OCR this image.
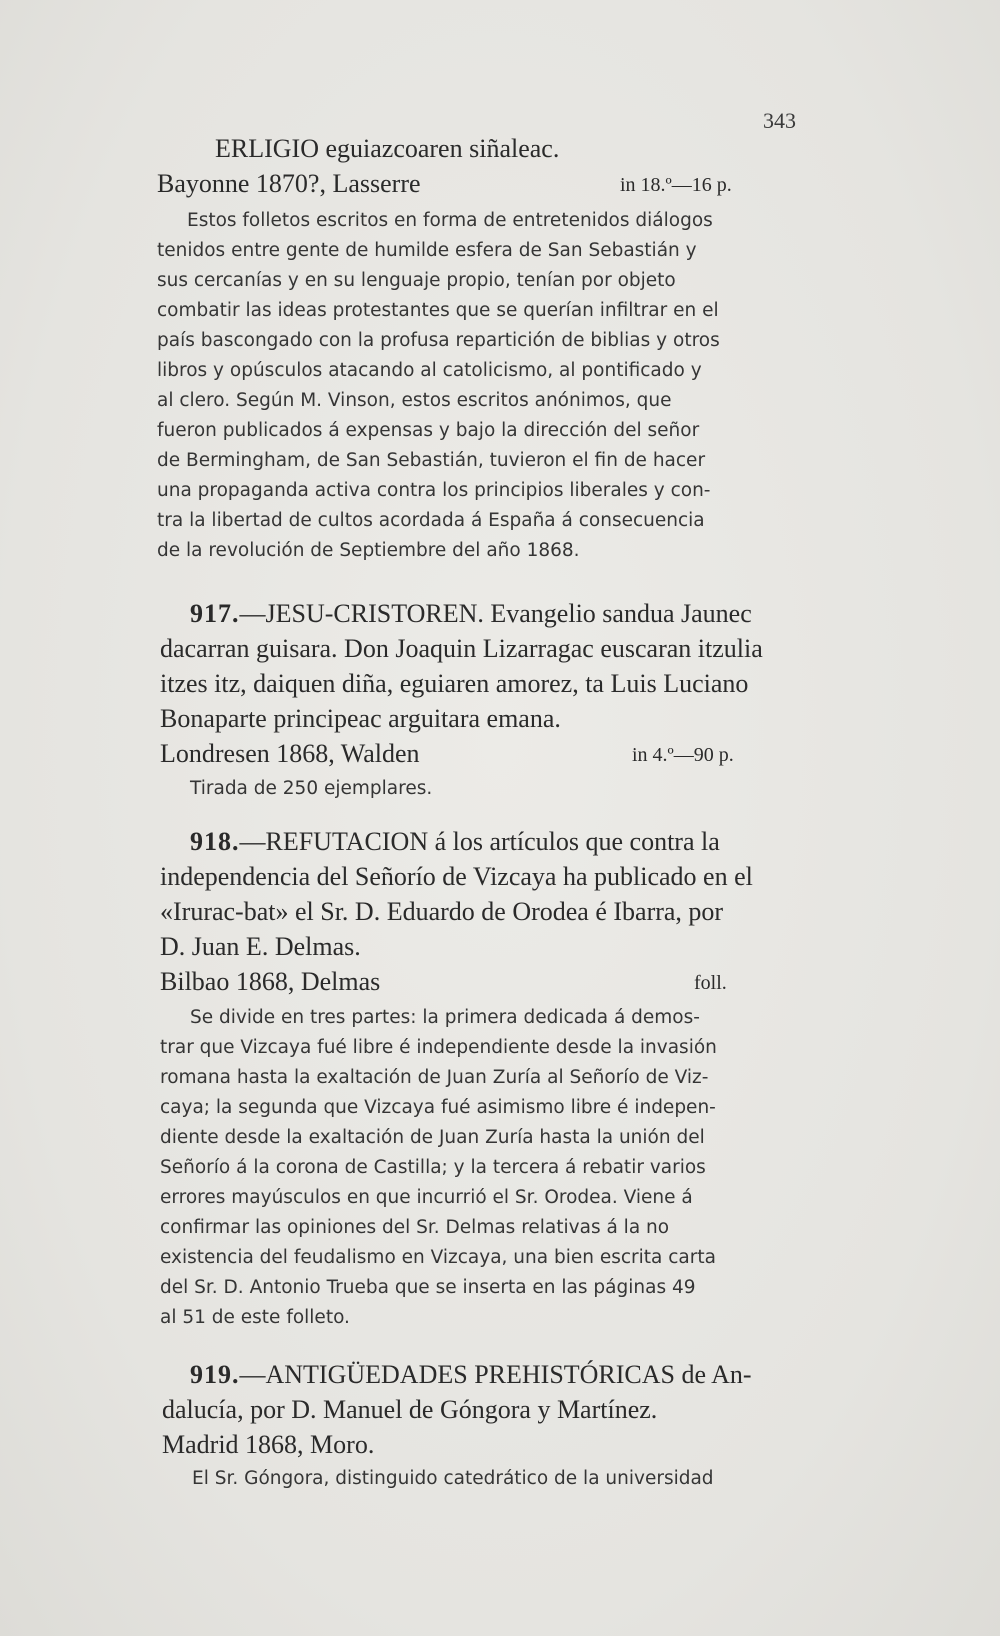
343
ERLIGIO eguiazcoaren siñaleac.
Bayonne 1870?, Lasserre	in 18.º—16 p.
Estos folletos escritos en forma de entretenidos diálogos
tenidos entre gente de humilde esfera de San Sebastián y
sus cercanías y en su lenguaje propio, tenían por objeto
combatir las ideas protestantes que se querían infiltrar en el
país bascongado con la profusa repartición de biblias y otros
libros y opúsculos atacando al catolicismo, al pontificado y
al clero. Según M. Vinson, estos escritos anónimos, que
fueron publicados á expensas y bajo la dirección del señor
de Bermingham, de San Sebastián, tuvieron el fin de hacer
una propaganda activa contra los principios liberales y con-
tra la libertad de cultos acordada á España á consecuencia
de la revolución de Septiembre del año 1868.
917.—JESU-CRISTOREN. Evangelio sandua Jaunec
dacarran guisara. Don Joaquin Lizarragac euscaran itzulia
itzes itz, daiquen diña, eguiaren amorez, ta Luis Luciano
Bonaparte principeac arguitara emana.
Londresen 1868, Walden	in 4.º—90 p.
Tirada de 250 ejemplares.
918.—REFUTACION á los artículos que contra la
independencia del Señorío de Vizcaya ha publicado en el
«Irurac-bat» el Sr. D. Eduardo de Orodea é Ibarra, por
D. Juan E. Delmas.
Bilbao 1868, Delmas	foll.
Se divide en tres partes: la primera dedicada á demos-
trar que Vizcaya fué libre é independiente desde la invasión
romana hasta la exaltación de Juan Zuría al Señorío de Viz-
caya; la segunda que Vizcaya fué asimismo libre é indepen-
diente desde la exaltación de Juan Zuría hasta la unión del
Señorío á la corona de Castilla; y la tercera á rebatir varios
errores mayúsculos en que incurrió el Sr. Orodea. Viene á
confirmar las opiniones del Sr. Delmas relativas á la no
existencia del feudalismo en Vizcaya, una bien escrita carta
del Sr. D. Antonio Trueba que se inserta en las páginas 49
al 51 de este folleto.
919.—ANTIGÜEDADES PREHISTÓRICAS de An-
dalucía, por D. Manuel de Góngora y Martínez.
Madrid 1868, Moro.
El Sr. Góngora, distinguido catedrático de la universidad
